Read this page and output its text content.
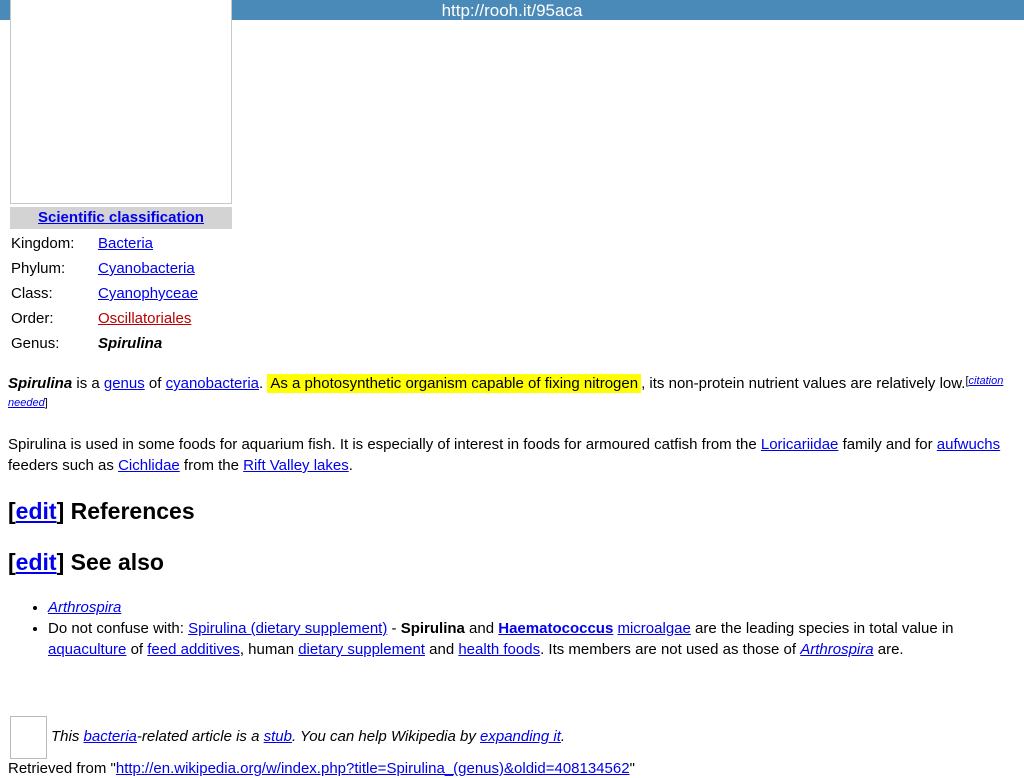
http://rooh.it/95aca
Scientific classification
Kingdom: Bacteria
Phylum: Cyanobacteria
Class:	Cyanophyceae
Order:	Oscillatoriales
Genus:	Spirulina
Spirulina is a genus of cyanobacteria. As a photosynthetic organism capable of fixing nitrogen , its non-protein nutrient values are relatively low.[citation needed]
Spirulina is used in some foods for aquarium fish. It is especially of interest in foods for armoured catfish from the Loricariidae family and for aufwuchs feeders such as Cichlidae from the Rift Valley lakes.
[edit] References
[edit] See also
• Arthrospira
• Do not confuse with: Spirulina (dietary supplement) - Spirulina and Haematococcus microalgae are the leading species in total value in aquaculture of feed additives, human dietary supplement and health foods. Its members are not used as those of Arthrospira are.
This bacteria-related article is a stub. You can help Wikipedia by expanding it.
Retrieved from "http://en.wikipedia.org/w/index.php?title=Spirulina_(genus)&oldid=408134562"
